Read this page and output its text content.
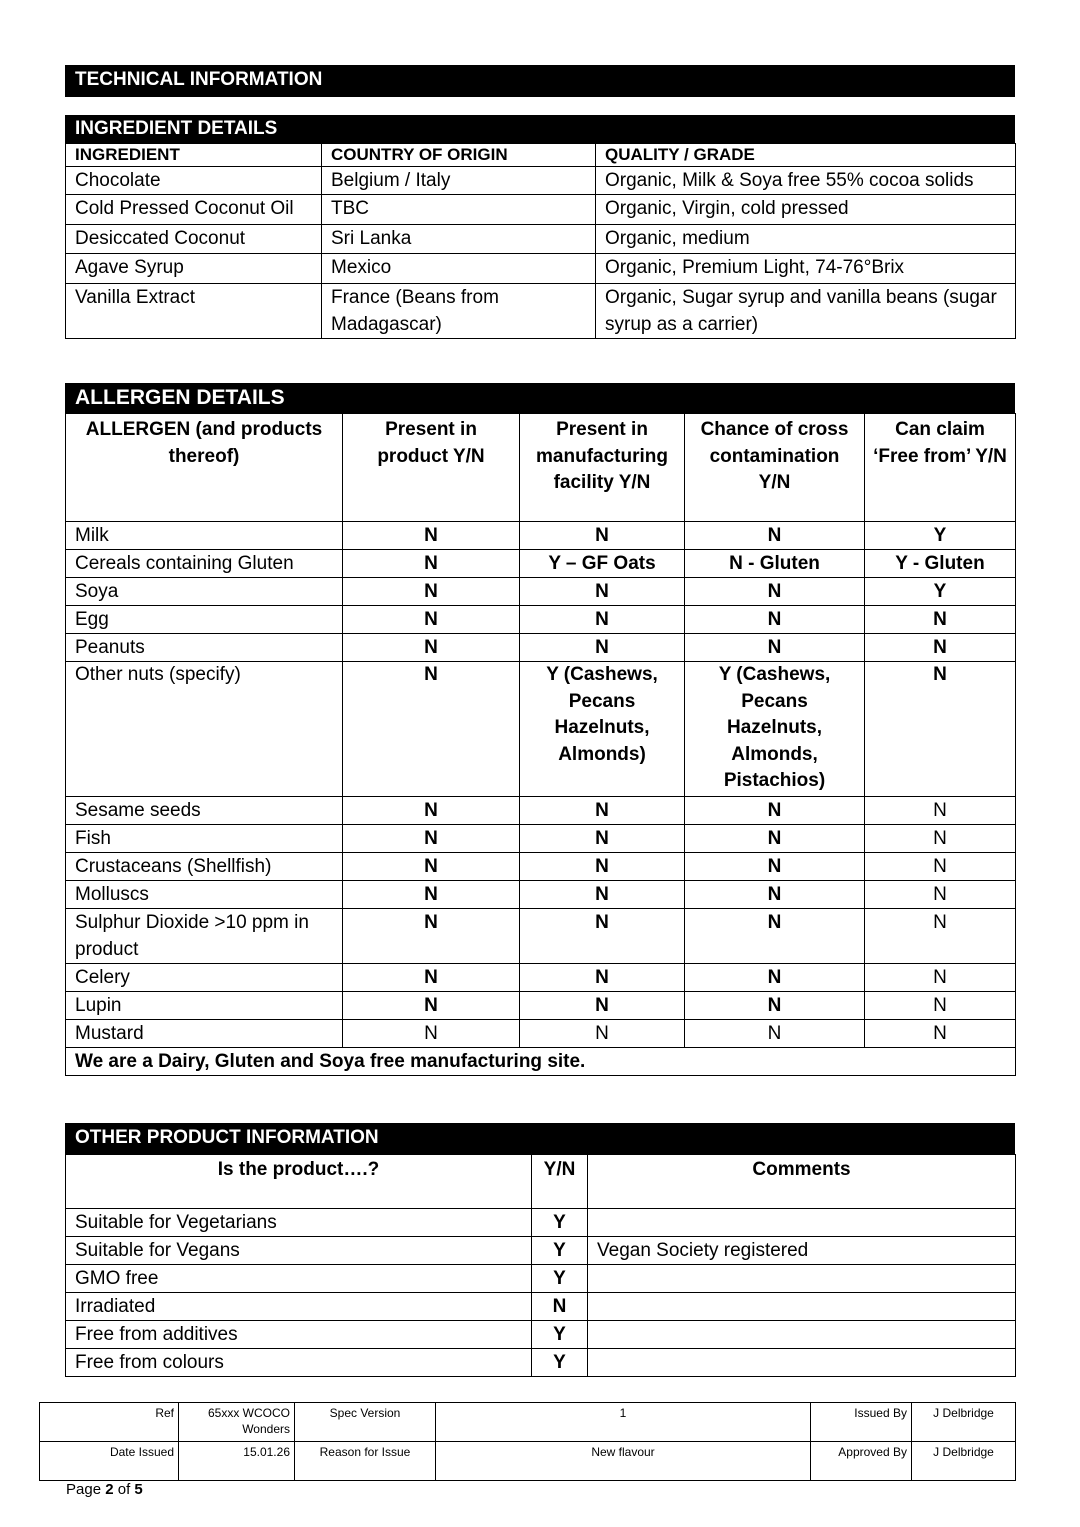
TECHNICAL INFORMATION
INGREDIENT DETAILS
INGREDIENT	COUNTRY OF ORIGIN	QUALITY / GRADE
Chocolate	Belgium / Italy	Organic, Milk & Soya free 55% cocoa solids
Cold Pressed Coconut Oil	TBC	Organic, Virgin, cold pressed
Desiccated Coconut	Sri Lanka	Organic, medium
Agave Syrup	Mexico	Organic, Premium Light, 74-76°Brix
Vanilla Extract	France (Beans from Madagascar)	Organic, Sugar syrup and vanilla beans (sugar syrup as a carrier)
ALLERGEN DETAILS
ALLERGEN (and products thereof)	Present in product Y/N	Present in manufacturing facility Y/N	Chance of cross contamination Y/N	Can claim ‘Free from’ Y/N
Milk	N	N	N	Y
Cereals containing Gluten	N	Y – GF Oats	N - Gluten	Y - Gluten
Soya	N	N	N	Y
Egg	N	N	N	N
Peanuts	N	N	N	N
Other nuts (specify)	N	Y (Cashews, Pecans Hazelnuts, Almonds)	Y (Cashews, Pecans Hazelnuts, Almonds, Pistachios)	N
Sesame seeds	N	N	N	N
Fish	N	N	N	N
Crustaceans (Shellfish)	N	N	N	N
Molluscs	N	N	N	N
Sulphur Dioxide >10 ppm in product	N	N	N	N
Celery	N	N	N	N
Lupin	N	N	N	N
Mustard	N	N	N	N
We are a Dairy, Gluten and Soya free manufacturing site.				
OTHER PRODUCT INFORMATION
Is the product….?	Y/N	Comments
Suitable for Vegetarians	Y	
Suitable for Vegans	Y	Vegan Society registered
GMO free	Y	
Irradiated	N	
Free from additives	Y	
Free from colours	Y	
Ref	65xxx WCOCO Wonders	Spec Version	1	Issued By	J Delbridge
Date Issued	15.01.26	Reason for Issue	New flavour	Approved By	J Delbridge
Page 2 of 5
